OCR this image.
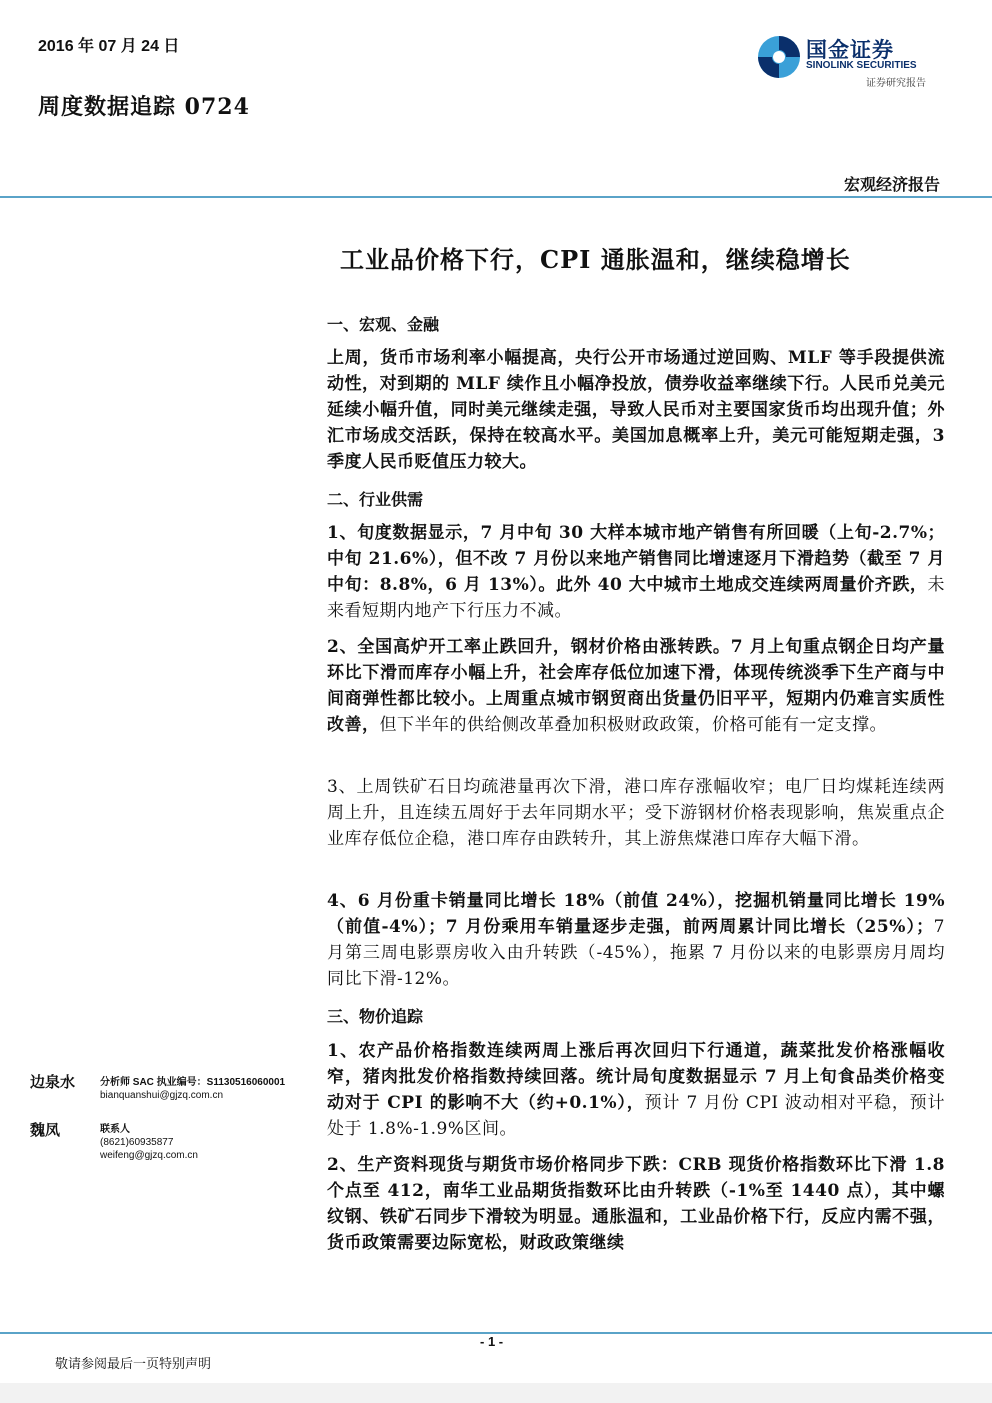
2016 年 07 月 24 日
周度数据追踪 0724
国金证券
SINOLINK SECURITIES
证券研究报告
宏观经济报告
工业品价格下行，CPI 通胀温和，继续稳增长
一、宏观、金融
上周，货币市场利率小幅提高，央行公开市场通过逆回购、MLF 等手段提供流动性，对到期的 MLF 续作且小幅净投放，债券收益率继续下行。人民币兑美元延续小幅升值，同时美元继续走强，导致人民币对主要国家货币均出现升值；外汇市场成交活跃，保持在较高水平。美国加息概率上升，美元可能短期走强，3 季度人民币贬值压力较大。
二、行业供需
1、旬度数据显示，7 月中旬 30 大样本城市地产销售有所回暖（上旬-2.7%；中旬 21.6%），但不改 7 月份以来地产销售同比增速逐月下滑趋势（截至 7 月中旬：8.8%，6 月 13%）。此外 40 大中城市土地成交连续两周量价齐跌，未来看短期内地产下行压力不减。
2、全国高炉开工率止跌回升，钢材价格由涨转跌。7 月上旬重点钢企日均产量环比下滑而库存小幅上升，社会库存低位加速下滑，体现传统淡季下生产商与中间商弹性都比较小。上周重点城市钢贸商出货量仍旧平平，短期内仍难言实质性改善，但下半年的供给侧改革叠加积极财政政策，价格可能有一定支撑。
3、上周铁矿石日均疏港量再次下滑，港口库存涨幅收窄；电厂日均煤耗连续两周上升，且连续五周好于去年同期水平；受下游钢材价格表现影响，焦炭重点企业库存低位企稳，港口库存由跌转升，其上游焦煤港口库存大幅下滑。
4、6 月份重卡销量同比增长 18%（前值 24%），挖掘机销量同比增长 19%（前值-4%）；7 月份乘用车销量逐步走强，前两周累计同比增长（25%）；7 月第三周电影票房收入由升转跌（-45%），拖累 7 月份以来的电影票房月周均同比下滑-12%。
三、物价追踪
1、农产品价格指数连续两周上涨后再次回归下行通道，蔬菜批发价格涨幅收窄，猪肉批发价格指数持续回落。统计局旬度数据显示 7 月上旬食品类价格变动对于 CPI 的影响不大（约+0.1%），预计 7 月份 CPI 波动相对平稳，预计处于 1.8%-1.9%区间。
2、生产资料现货与期货市场价格同步下跌：CRB 现货价格指数环比下滑 1.8 个点至 412，南华工业品期货指数环比由升转跌（-1%至 1440 点），其中螺纹钢、铁矿石同步下滑较为明显。通胀温和，工业品价格下行，反应内需不强，货币政策需要边际宽松，财政政策继续
边泉水 分析师 SAC 执业编号：S1130516060001
bianquanshui@gjzq.com.cn
魏凤	联系人
(8621)60935877
weifeng@gjzq.com.cn
- 1 -
敬请参阅最后一页特别声明
